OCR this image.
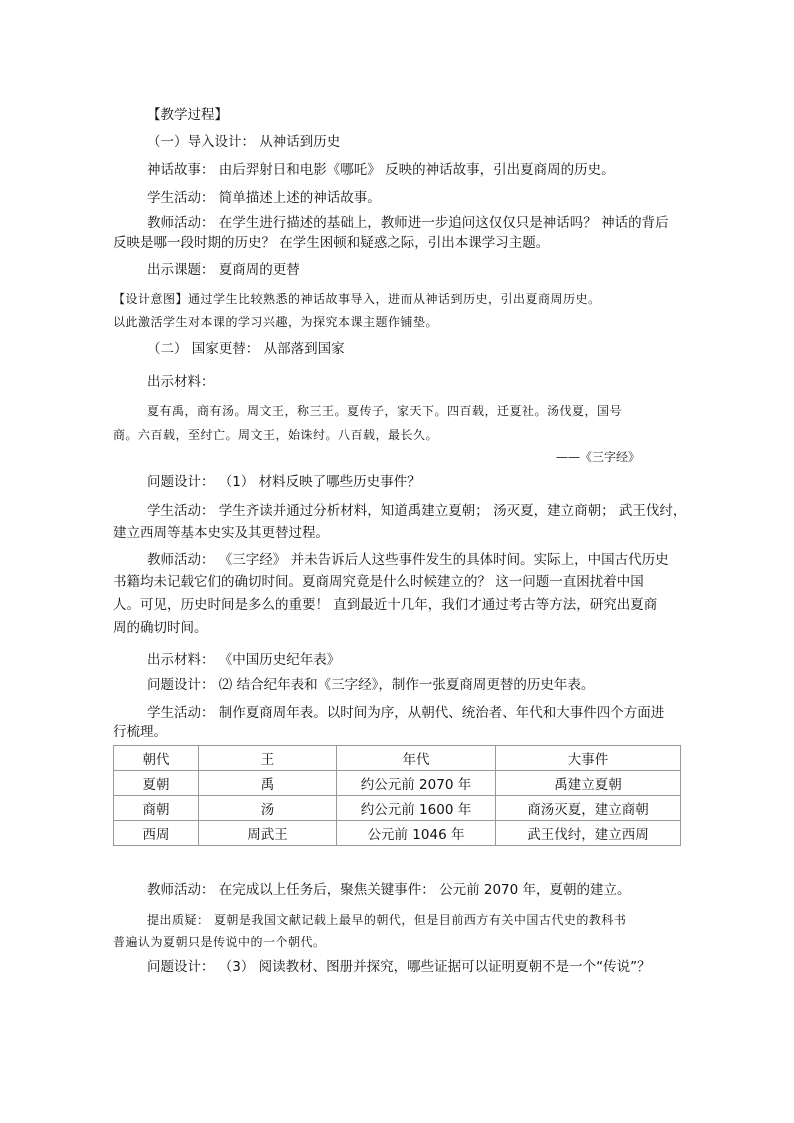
【教学过程】
（一）导入设计： 从神话到历史
神话故事： 由后羿射日和电影《哪吒》 反映的神话故事，引出夏商周的历史。
学生活动： 简单描述上述的神话故事。
教师活动： 在学生进行描述的基础上，教师进一步追问这仅仅只是神话吗？ 神话的背后
反映是哪一段时期的历史？ 在学生困顿和疑惑之际，引出本课学习主题。
出示课题： 夏商周的更替
【设计意图】通过学生比较熟悉的神话故事导入，进而从神话到历史，引出夏商周历史。
以此激活学生对本课的学习兴趣，为探究本课主题作铺垫。
（二） 国家更替： 从部落到国家
出示材料：
夏有禹，商有汤。周文王，称三王。夏传子，家天下。四百载，迁夏社。汤伐夏，国号
商。六百载，至纣亡。周文王，始诛纣。八百载，最长久。
——《三字经》
问题设计： （1） 材料反映了哪些历史事件？
学生活动： 学生齐读并通过分析材料，知道禹建立夏朝； 汤灭夏，建立商朝； 武王伐纣，
建立西周等基本史实及其更替过程。
教师活动： 《三字经》 并未告诉后人这些事件发生的具体时间。实际上，中国古代历史
书籍均未记载它们的确切时间。夏商周究竟是什么时候建立的？ 这一问题一直困扰着中国
人。可见，历史时间是多么的重要！ 直到最近十几年，我们才通过考古等方法，研究出夏商
周的确切时间。
出示材料： 《中国历史纪年表》
问题设计： ⑵ 结合纪年表和《三字经》，制作一张夏商周更替的历史年表。
学生活动： 制作夏商周年表。以时间为序，从朝代、统治者、年代和大事件四个方面进
行梳理。
朝代	王	年代	大事件
夏朝	禹	约公元前 2070 年	禹建立夏朝
商朝	汤	约公元前 1600 年	商汤灭夏，建立商朝
西周	周武王	公元前 1046 年	武王伐纣，建立西周
教师活动： 在完成以上任务后，聚焦关键事件： 公元前 2070 年，夏朝的建立。
提出质疑： 夏朝是我国文献记载上最早的朝代，但是目前西方有关中国古代史的教科书
普遍认为夏朝只是传说中的一个朝代。
问题设计： （3） 阅读教材、图册并探究，哪些证据可以证明夏朝不是一个“传说”？
